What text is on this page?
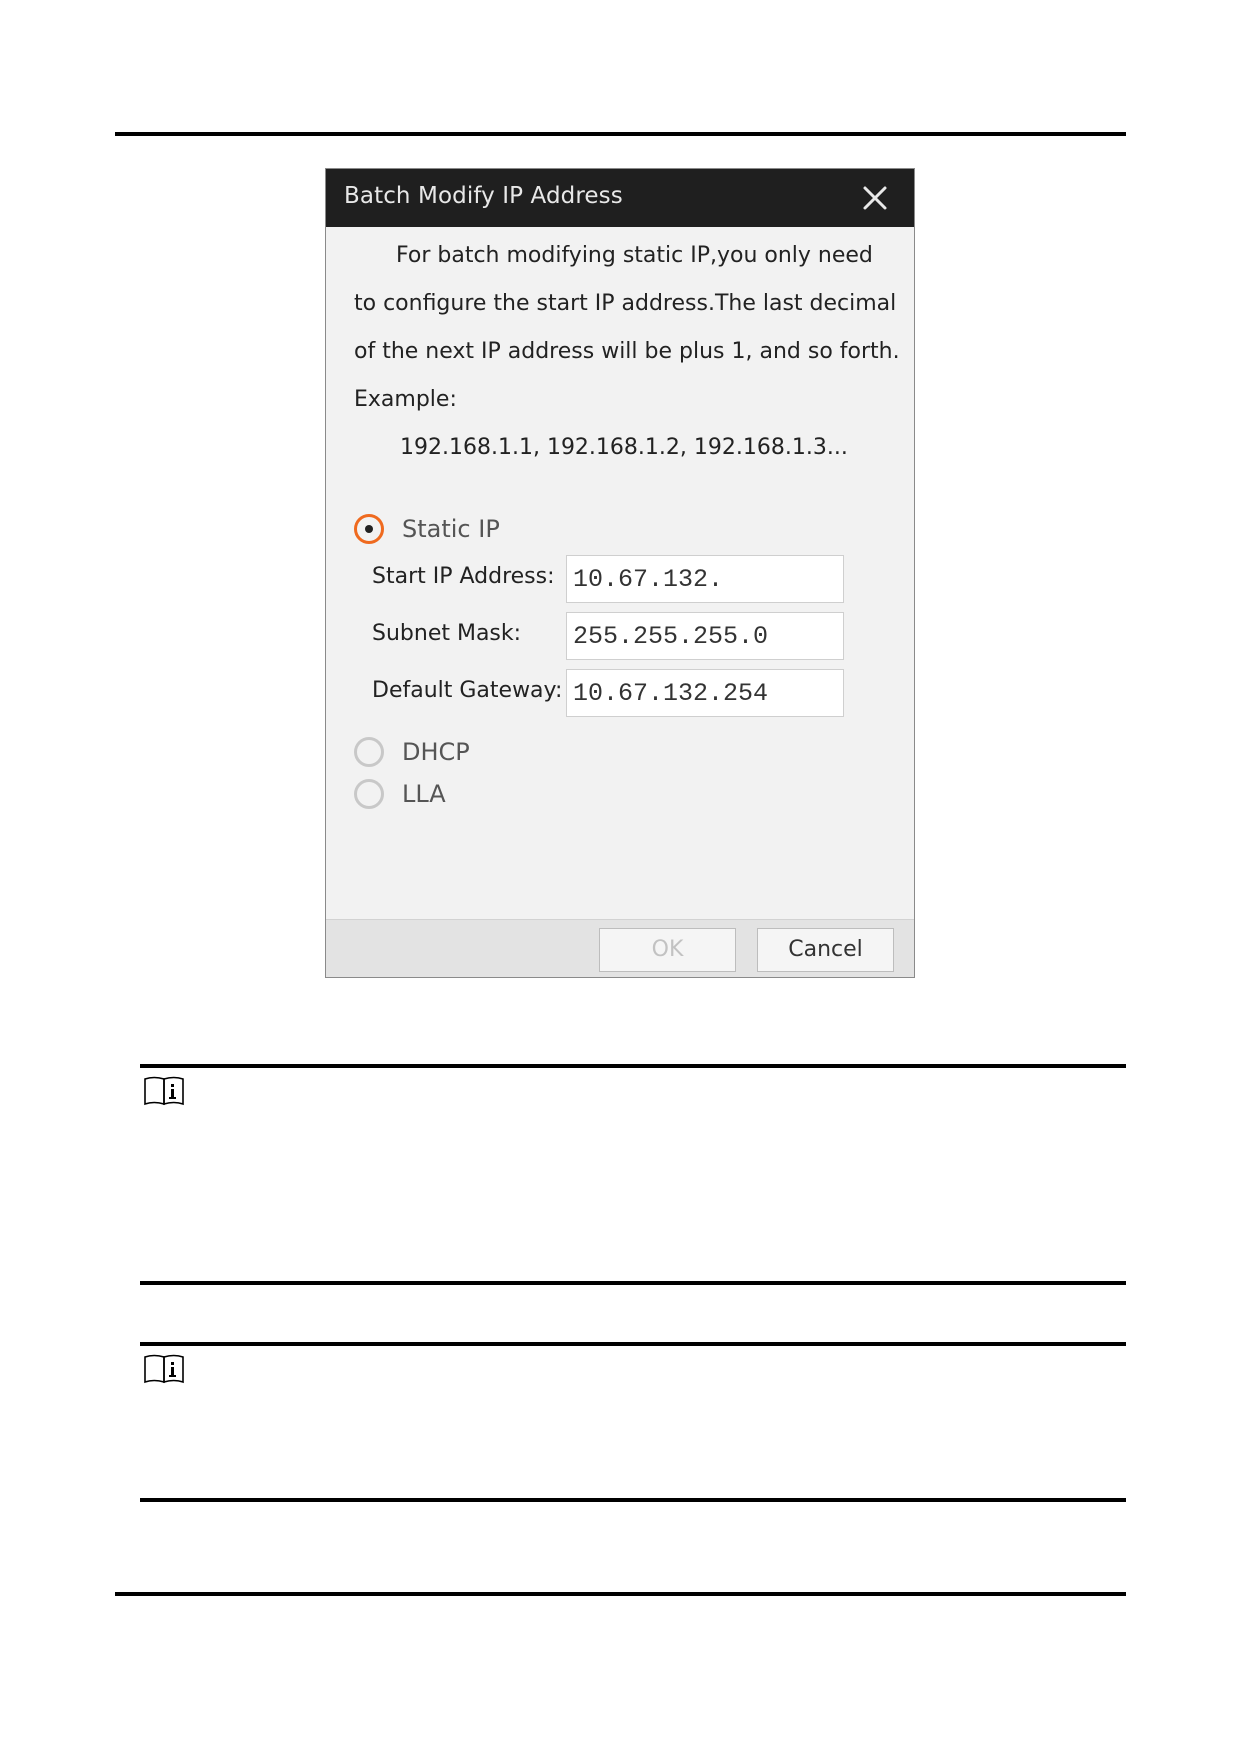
Batch Modify IP Address
For batch modifying static IP,you only need
to configure the start IP address.The last decimal
of the next IP address will be plus 1, and so forth.
Example:
192.168.1.1, 192.168.1.2, 192.168.1.3...
Static IP
Start IP Address:
10.67.132.
Subnet Mask:
255.255.255.0
Default Gateway:
10.67.132.254
DHCP
LLA
OK	Cancel
